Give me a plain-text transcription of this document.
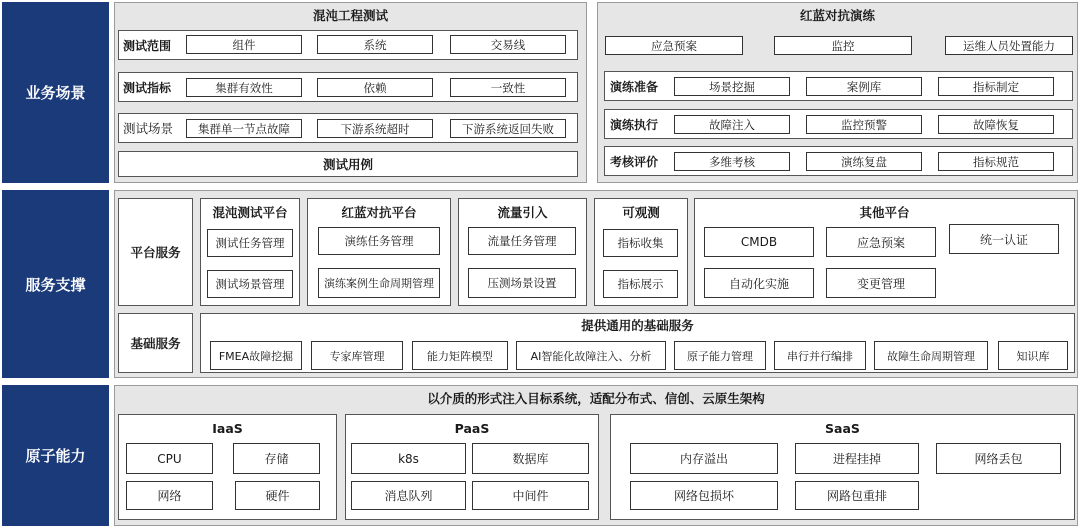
业务场景
服务支撑
原子能力
混沌工程测试
测试范围	组件	系统	交易线
测试指标	集群有效性	依赖	一致性
测试场景	集群单一节点故障	下游系统超时	下游系统返回失败
测试用例
红蓝对抗演练
应急预案	监控	运维人员处置能力
演练准备	场景挖掘	案例库	指标制定
演练执行	故障注入	监控预警	故障恢复
考核评价	多维考核	演练复盘	指标规范
平台服务
混沌测试平台
测试任务管理
测试场景管理
红蓝对抗平台
演练任务管理
演练案例生命周期管理
流量引入
流量任务管理
压测场景设置
可观测
指标收集
指标展示
其他平台
CMDB	应急预案	统一认证
自动化实施	变更管理
基础服务
提供通用的基础服务
FMEA故障挖掘	专家库管理	能力矩阵模型	AI智能化故障注入、分析	原子能力管理	串行并行编排	故障生命周期管理	知识库
以介质的形式注入目标系统，适配分布式、信创、云原生架构
IaaS
CPU	存储
网络	硬件
PaaS
k8s	数据库
消息队列	中间件
SaaS
内存溢出	进程挂掉	网络丢包
网络包损坏	网路包重排
